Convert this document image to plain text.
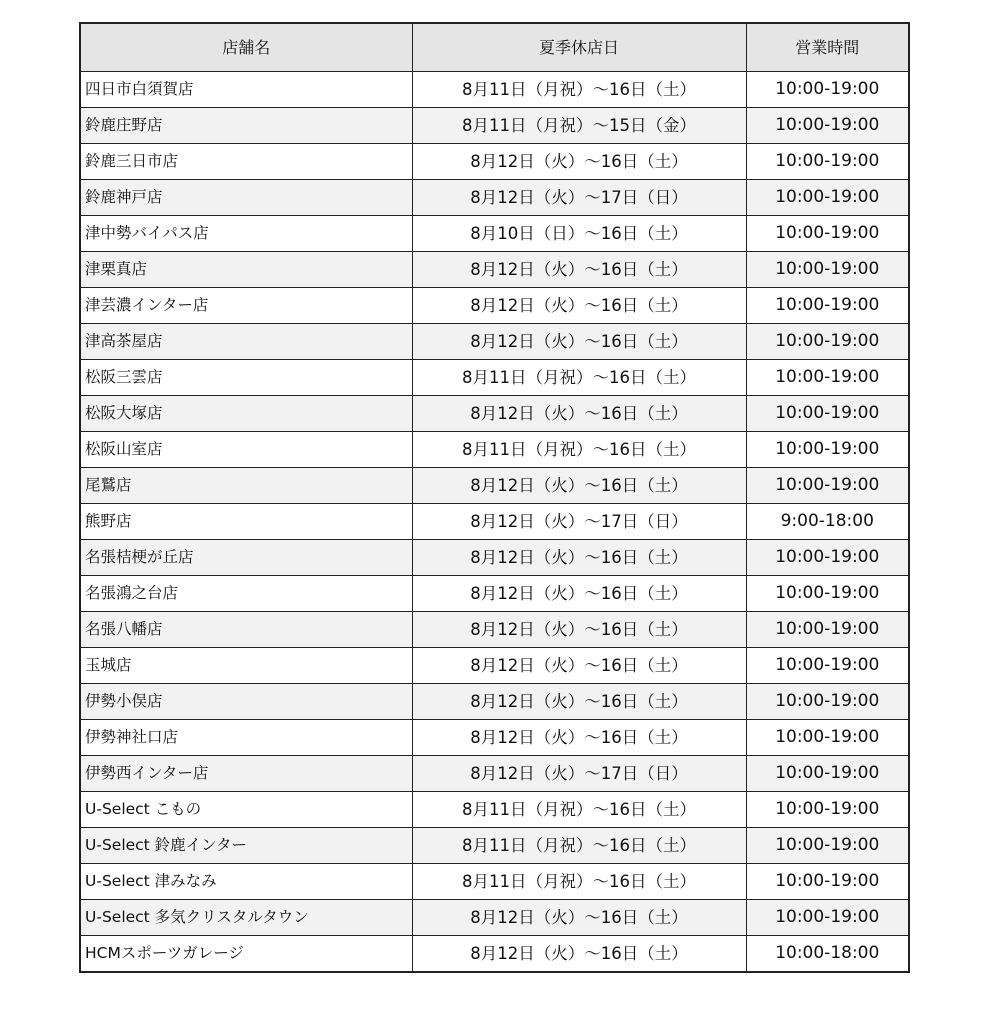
店舗名	夏季休店日	営業時間
四日市白須賀店	8月11日（月祝）～16日（土）	10:00-19:00
鈴鹿庄野店	8月11日（月祝）～15日（金）	10:00-19:00
鈴鹿三日市店	8月12日（火）～16日（土）	10:00-19:00
鈴鹿神戸店	8月12日（火）～17日（日）	10:00-19:00
津中勢バイパス店	8月10日（日）～16日（土）	10:00-19:00
津栗真店	8月12日（火）～16日（土）	10:00-19:00
津芸濃インター店	8月12日（火）～16日（土）	10:00-19:00
津高茶屋店	8月12日（火）～16日（土）	10:00-19:00
松阪三雲店	8月11日（月祝）～16日（土）	10:00-19:00
松阪大塚店	8月12日（火）～16日（土）	10:00-19:00
松阪山室店	8月11日（月祝）～16日（土）	10:00-19:00
尾鷲店	8月12日（火）～16日（土）	10:00-19:00
熊野店	8月12日（火）～17日（日）	9:00-18:00
名張桔梗が丘店	8月12日（火）～16日（土）	10:00-19:00
名張鴻之台店	8月12日（火）～16日（土）	10:00-19:00
名張八幡店	8月12日（火）～16日（土）	10:00-19:00
玉城店	8月12日（火）～16日（土）	10:00-19:00
伊勢小俣店	8月12日（火）～16日（土）	10:00-19:00
伊勢神社口店	8月12日（火）～16日（土）	10:00-19:00
伊勢西インター店	8月12日（火）～17日（日）	10:00-19:00
U-Select こもの	8月11日（月祝）～16日（土）	10:00-19:00
U-Select 鈴鹿インター	8月11日（月祝）～16日（土）	10:00-19:00
U-Select 津みなみ	8月11日（月祝）～16日（土）	10:00-19:00
U-Select 多気クリスタルタウン	8月12日（火）～16日（土）	10:00-19:00
HCMスポーツガレージ	8月12日（火）～16日（土）	10:00-18:00
